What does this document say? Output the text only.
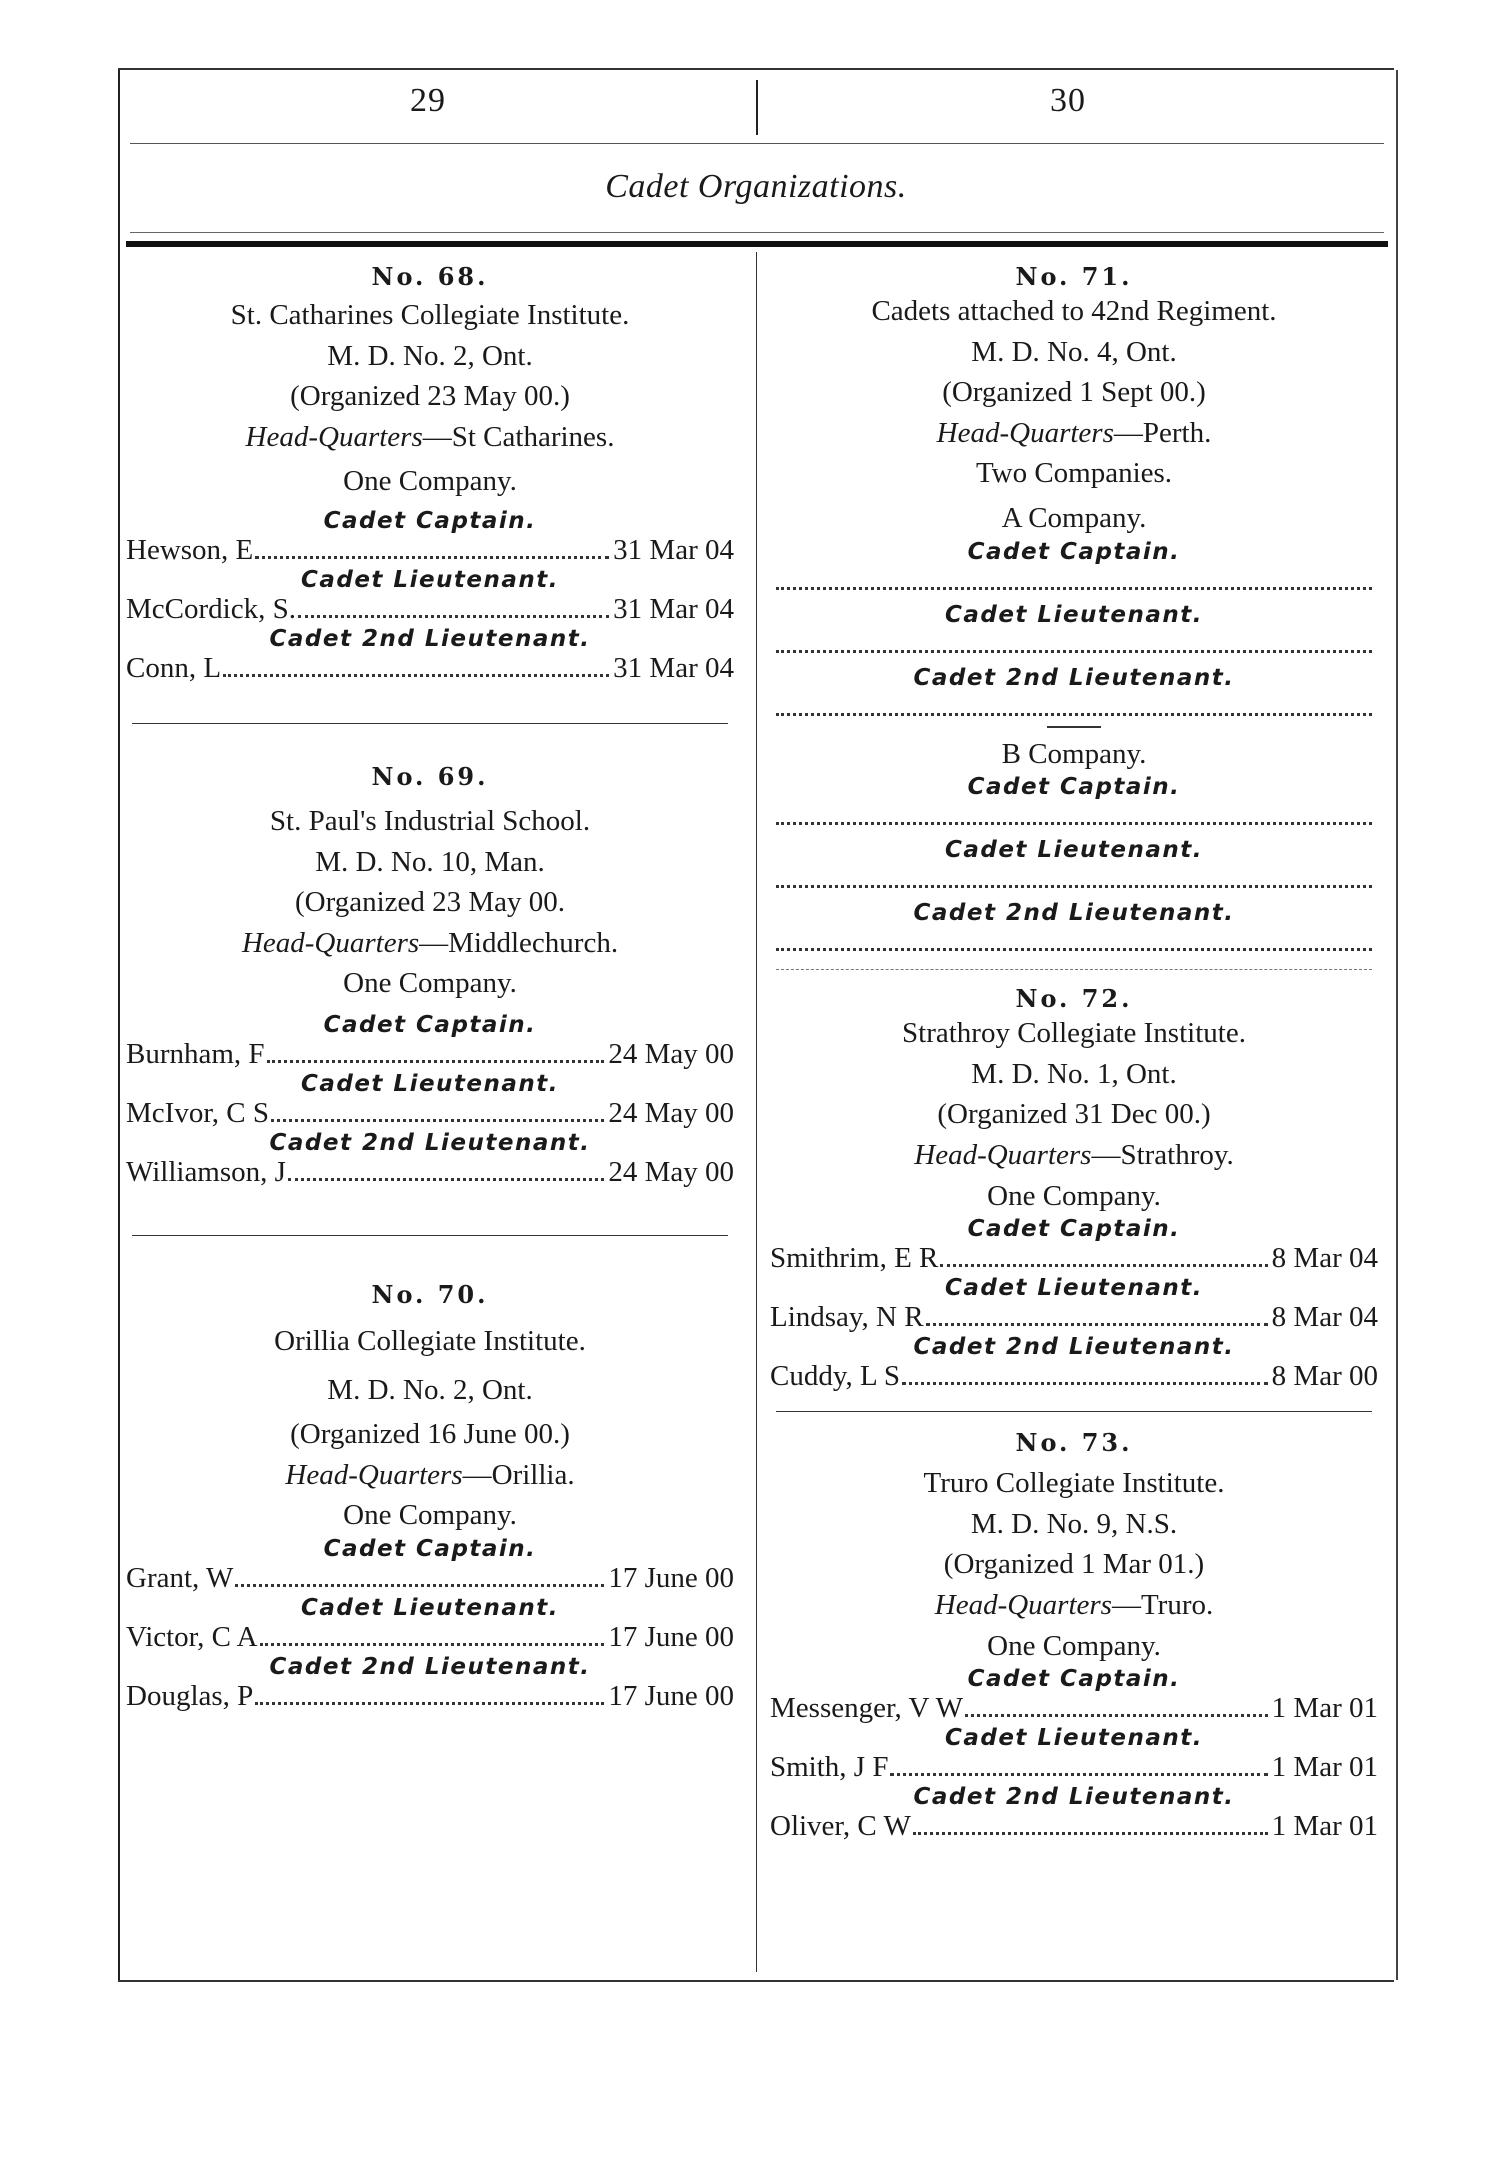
29	30
Cadet Organizations.
No. 68.
St. Catharines Collegiate Institute.
M. D. No. 2, Ont.
(Organized 23 May 00.)
Head-Quarters—St Catharines.
One Company.
Cadet Captain.
Hewson, E	31 Mar 04
Cadet Lieutenant.
McCordick, S.	31 Mar 04
Cadet 2nd Lieutenant.
Conn, L	31 Mar 04
No. 69.
St. Paul's Industrial School.
M. D. No. 10, Man.
(Organized 23 May 00.
Head-Quarters—Middlechurch.
One Company.
Cadet Captain.
Burnham, F	24 May 00
Cadet Lieutenant.
McIvor, C S	24 May 00
Cadet 2nd Lieutenant.
Williamson, J	24 May 00
No. 70.
Orillia Collegiate Institute.
M. D. No. 2, Ont.
(Organized 16 June 00.)
Head-Quarters—Orillia.
One Company.
Cadet Captain.
Grant, W	17 June 00
Cadet Lieutenant.
Victor, C A	17 June 00
Cadet 2nd Lieutenant.
Douglas, P	17 June 00
No. 71.
Cadets attached to 42nd Regiment.
M. D. No. 4, Ont.
(Organized 1 Sept 00.)
Head-Quarters—Perth.
Two Companies.
A Company.
Cadet Captain.
Cadet Lieutenant.
Cadet 2nd Lieutenant.
B Company.
Cadet Captain.
Cadet Lieutenant.
Cadet 2nd Lieutenant.
No. 72.
Strathroy Collegiate Institute.
M. D. No. 1, Ont.
(Organized 31 Dec 00.)
Head-Quarters—Strathroy.
One Company.
Cadet Captain.
Smithrim, E R	8 Mar 04
Cadet Lieutenant.
Lindsay, N R	8 Mar 04
Cadet 2nd Lieutenant.
Cuddy, L S	8 Mar 00
No. 73.
Truro Collegiate Institute.
M. D. No. 9, N.S.
(Organized 1 Mar 01.)
Head-Quarters—Truro.
One Company.
Cadet Captain.
Messenger, V W	1 Mar 01
Cadet Lieutenant.
Smith, J F	1 Mar 01
Cadet 2nd Lieutenant.
Oliver, C W	1 Mar 01
